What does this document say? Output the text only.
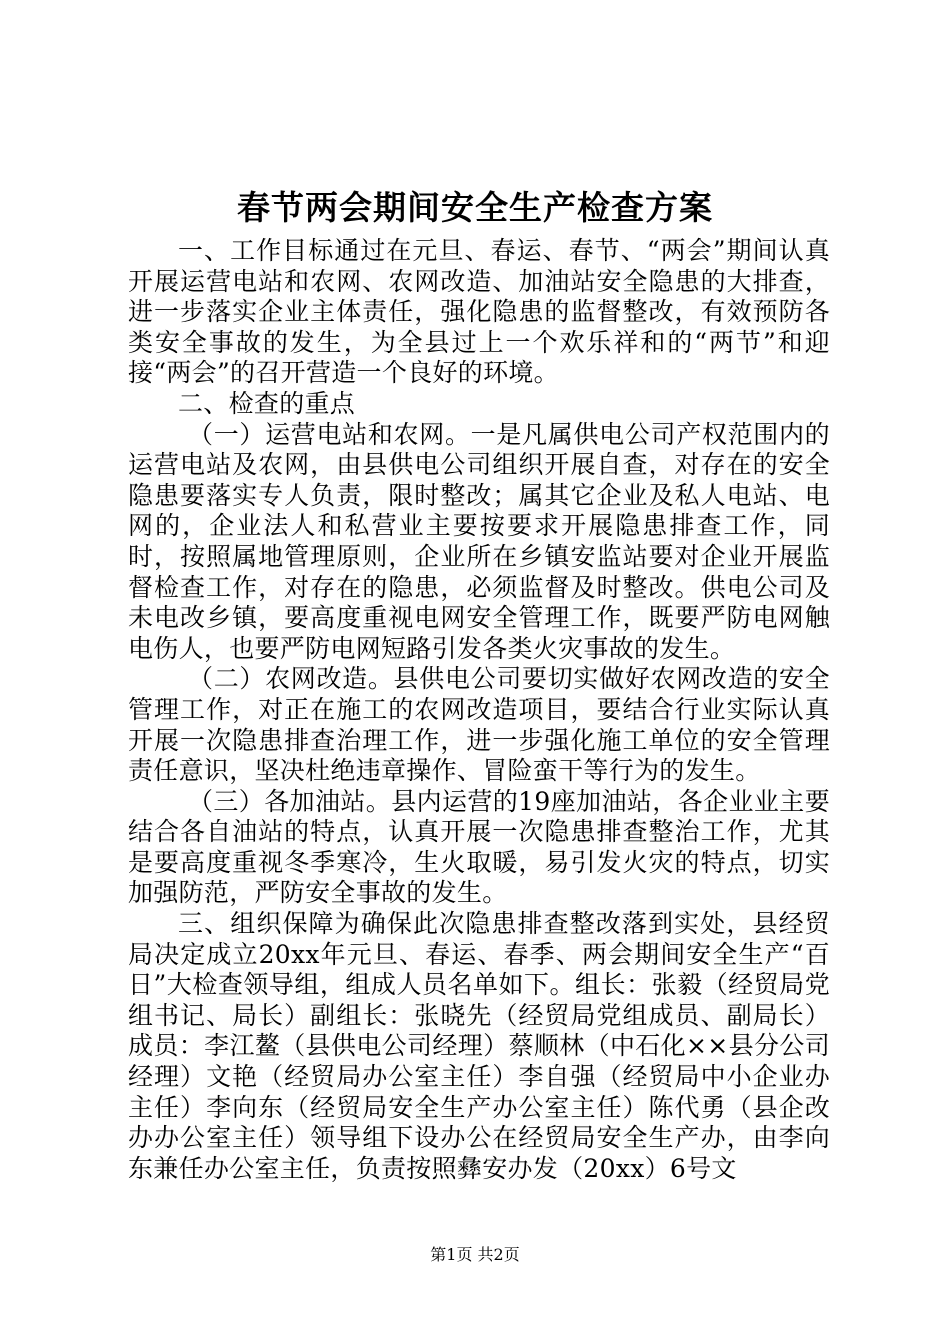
春节两会期间安全生产检查方案

一、工作目标通过在元旦、春运、春节、“两会”期间认真开展运营电站和农网、农网改造、加油站安全隐患的大排查，进一步落实企业主体责任，强化隐患的监督整改，有效预防各类安全事故的发生，为全县过上一个欢乐祥和的“两节”和迎接“两会”的召开营造一个良好的环境。

二、检查的重点

（一）运营电站和农网。一是凡属供电公司产权范围内的运营电站及农网，由县供电公司组织开展自查，对存在的安全隐患要落实专人负责，限时整改；属其它企业及私人电站、电网的，企业法人和私营业主要按要求开展隐患排查工作，同时，按照属地管理原则，企业所在乡镇安监站要对企业开展监督检查工作，对存在的隐患，必须监督及时整改。供电公司及未电改乡镇，要高度重视电网安全管理工作，既要严防电网触电伤人，也要严防电网短路引发各类火灾事故的发生。

（二）农网改造。县供电公司要切实做好农网改造的安全管理工作，对正在施工的农网改造项目，要结合行业实际认真开展一次隐患排查治理工作，进一步强化施工单位的安全管理责任意识，坚决杜绝违章操作、冒险蛮干等行为的发生。

（三）各加油站。县内运营的19座加油站，各企业业主要结合各自油站的特点，认真开展一次隐患排查整治工作，尤其是要高度重视冬季寒冷，生火取暖，易引发火灾的特点，切实加强防范，严防安全事故的发生。

三、组织保障为确保此次隐患排查整改落到实处，县经贸局决定成立20xx年元旦、春运、春季、两会期间安全生产“百日”大检查领导组，组成人员名单如下。组长：张毅（经贸局党组书记、局长）副组长：张晓先（经贸局党组成员、副局长）成员：李江鳌（县供电公司经理）蔡顺林（中石化××县分公司经理）文艳（经贸局办公室主任）李自强（经贸局中小企业办主任）李向东（经贸局安全生产办公室主任）陈代勇（县企改办办公室主任）领导组下设办公在经贸局安全生产办，由李向东兼任办公室主任，负责按照彝安办发（20xx）6号文

第1页 共2页
